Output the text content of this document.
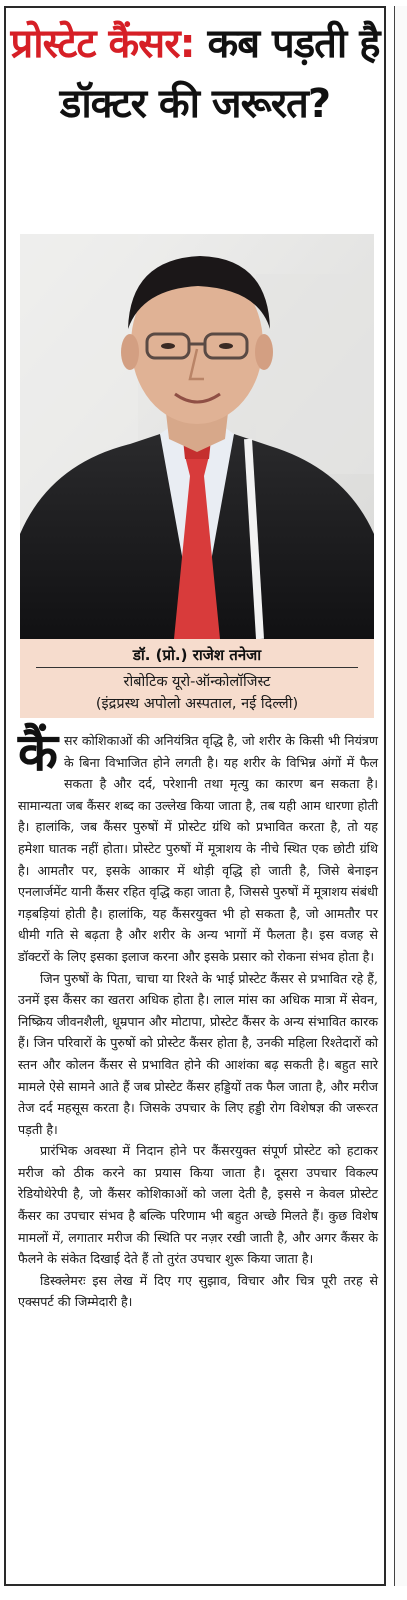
प्रोस्टेट कैंसर: कब पड़ती है डॉक्टर की जरूरत?
डॉ. (प्रो.) राजेश तनेजा
रोबोटिक यूरो-ऑन्कोलॉजिस्ट
(इंद्रप्रस्थ अपोलो अस्पताल, नई दिल्ली)

कैंसर कोशिकाओं की अनियंत्रित वृद्धि है, जो शरीर के किसी भी नियंत्रण के बिना विभाजित होने लगती है। यह शरीर के विभिन्न अंगों में फैल सकता है और दर्द, परेशानी तथा मृत्यु का कारण बन सकता है। सामान्यता जब कैंसर शब्द का उल्लेख किया जाता है, तब यही आम धारणा होती है। हालांकि, जब कैंसर पुरुषों में प्रोस्टेट ग्रंथि को प्रभावित करता है, तो यह हमेशा घातक नहीं होता। प्रोस्टेट पुरुषों में मूत्राशय के नीचे स्थित एक छोटी ग्रंथि है। आमतौर पर, इसके आकार में थोड़ी वृद्धि हो जाती है, जिसे बेनाइन एनलार्जमेंट यानी कैंसर रहित वृद्धि कहा जाता है, जिससे पुरुषों में मूत्राशय संबंधी गड़बड़ियां होती है। हालांकि, यह कैंसरयुक्त भी हो सकता है, जो आमतौर पर धीमी गति से बढ़ता है और शरीर के अन्य भागों में फैलता है। इस वजह से डॉक्टरों के लिए इसका इलाज करना और इसके प्रसार को रोकना संभव होता है।

जिन पुरुषों के पिता, चाचा या रिश्ते के भाई प्रोस्टेट कैंसर से प्रभावित रहे हैं, उनमें इस कैंसर का खतरा अधिक होता है। लाल मांस का अधिक मात्रा में सेवन, निष्क्रिय जीवनशैली, धूम्रपान और मोटापा, प्रोस्टेट कैंसर के अन्य संभावित कारक हैं। जिन परिवारों के पुरुषों को प्रोस्टेट कैंसर होता है, उनकी महिला रिश्तेदारों को स्तन और कोलन कैंसर से प्रभावित होने की आशंका बढ़ सकती है। बहुत सारे मामले ऐसे सामने आते हैं जब प्रोस्टेट कैंसर हड्डियों तक फैल जाता है, और मरीज तेज दर्द महसूस करता है। जिसके उपचार के लिए हड्डी रोग विशेषज्ञ की जरूरत पड़ती है।

प्रारंभिक अवस्था में निदान होने पर कैंसरयुक्त संपूर्ण प्रोस्टेट को हटाकर मरीज को ठीक करने का प्रयास किया जाता है। दूसरा उपचार विकल्प रेडियोथेरेपी है, जो कैंसर कोशिकाओं को जला देती है, इससे न केवल प्रोस्टेट कैंसर का उपचार संभव है बल्कि परिणाम भी बहुत अच्छे मिलते हैं। कुछ विशेष मामलों में, लगातार मरीज की स्थिति पर नज़र रखी जाती है, और अगर कैंसर के फैलने के संकेत दिखाई देते हैं तो तुरंत उपचार शुरू किया जाता है।

डिस्क्लेमरः इस लेख में दिए गए सुझाव, विचार और चित्र पूरी तरह से एक्सपर्ट की जिम्मेदारी है।
